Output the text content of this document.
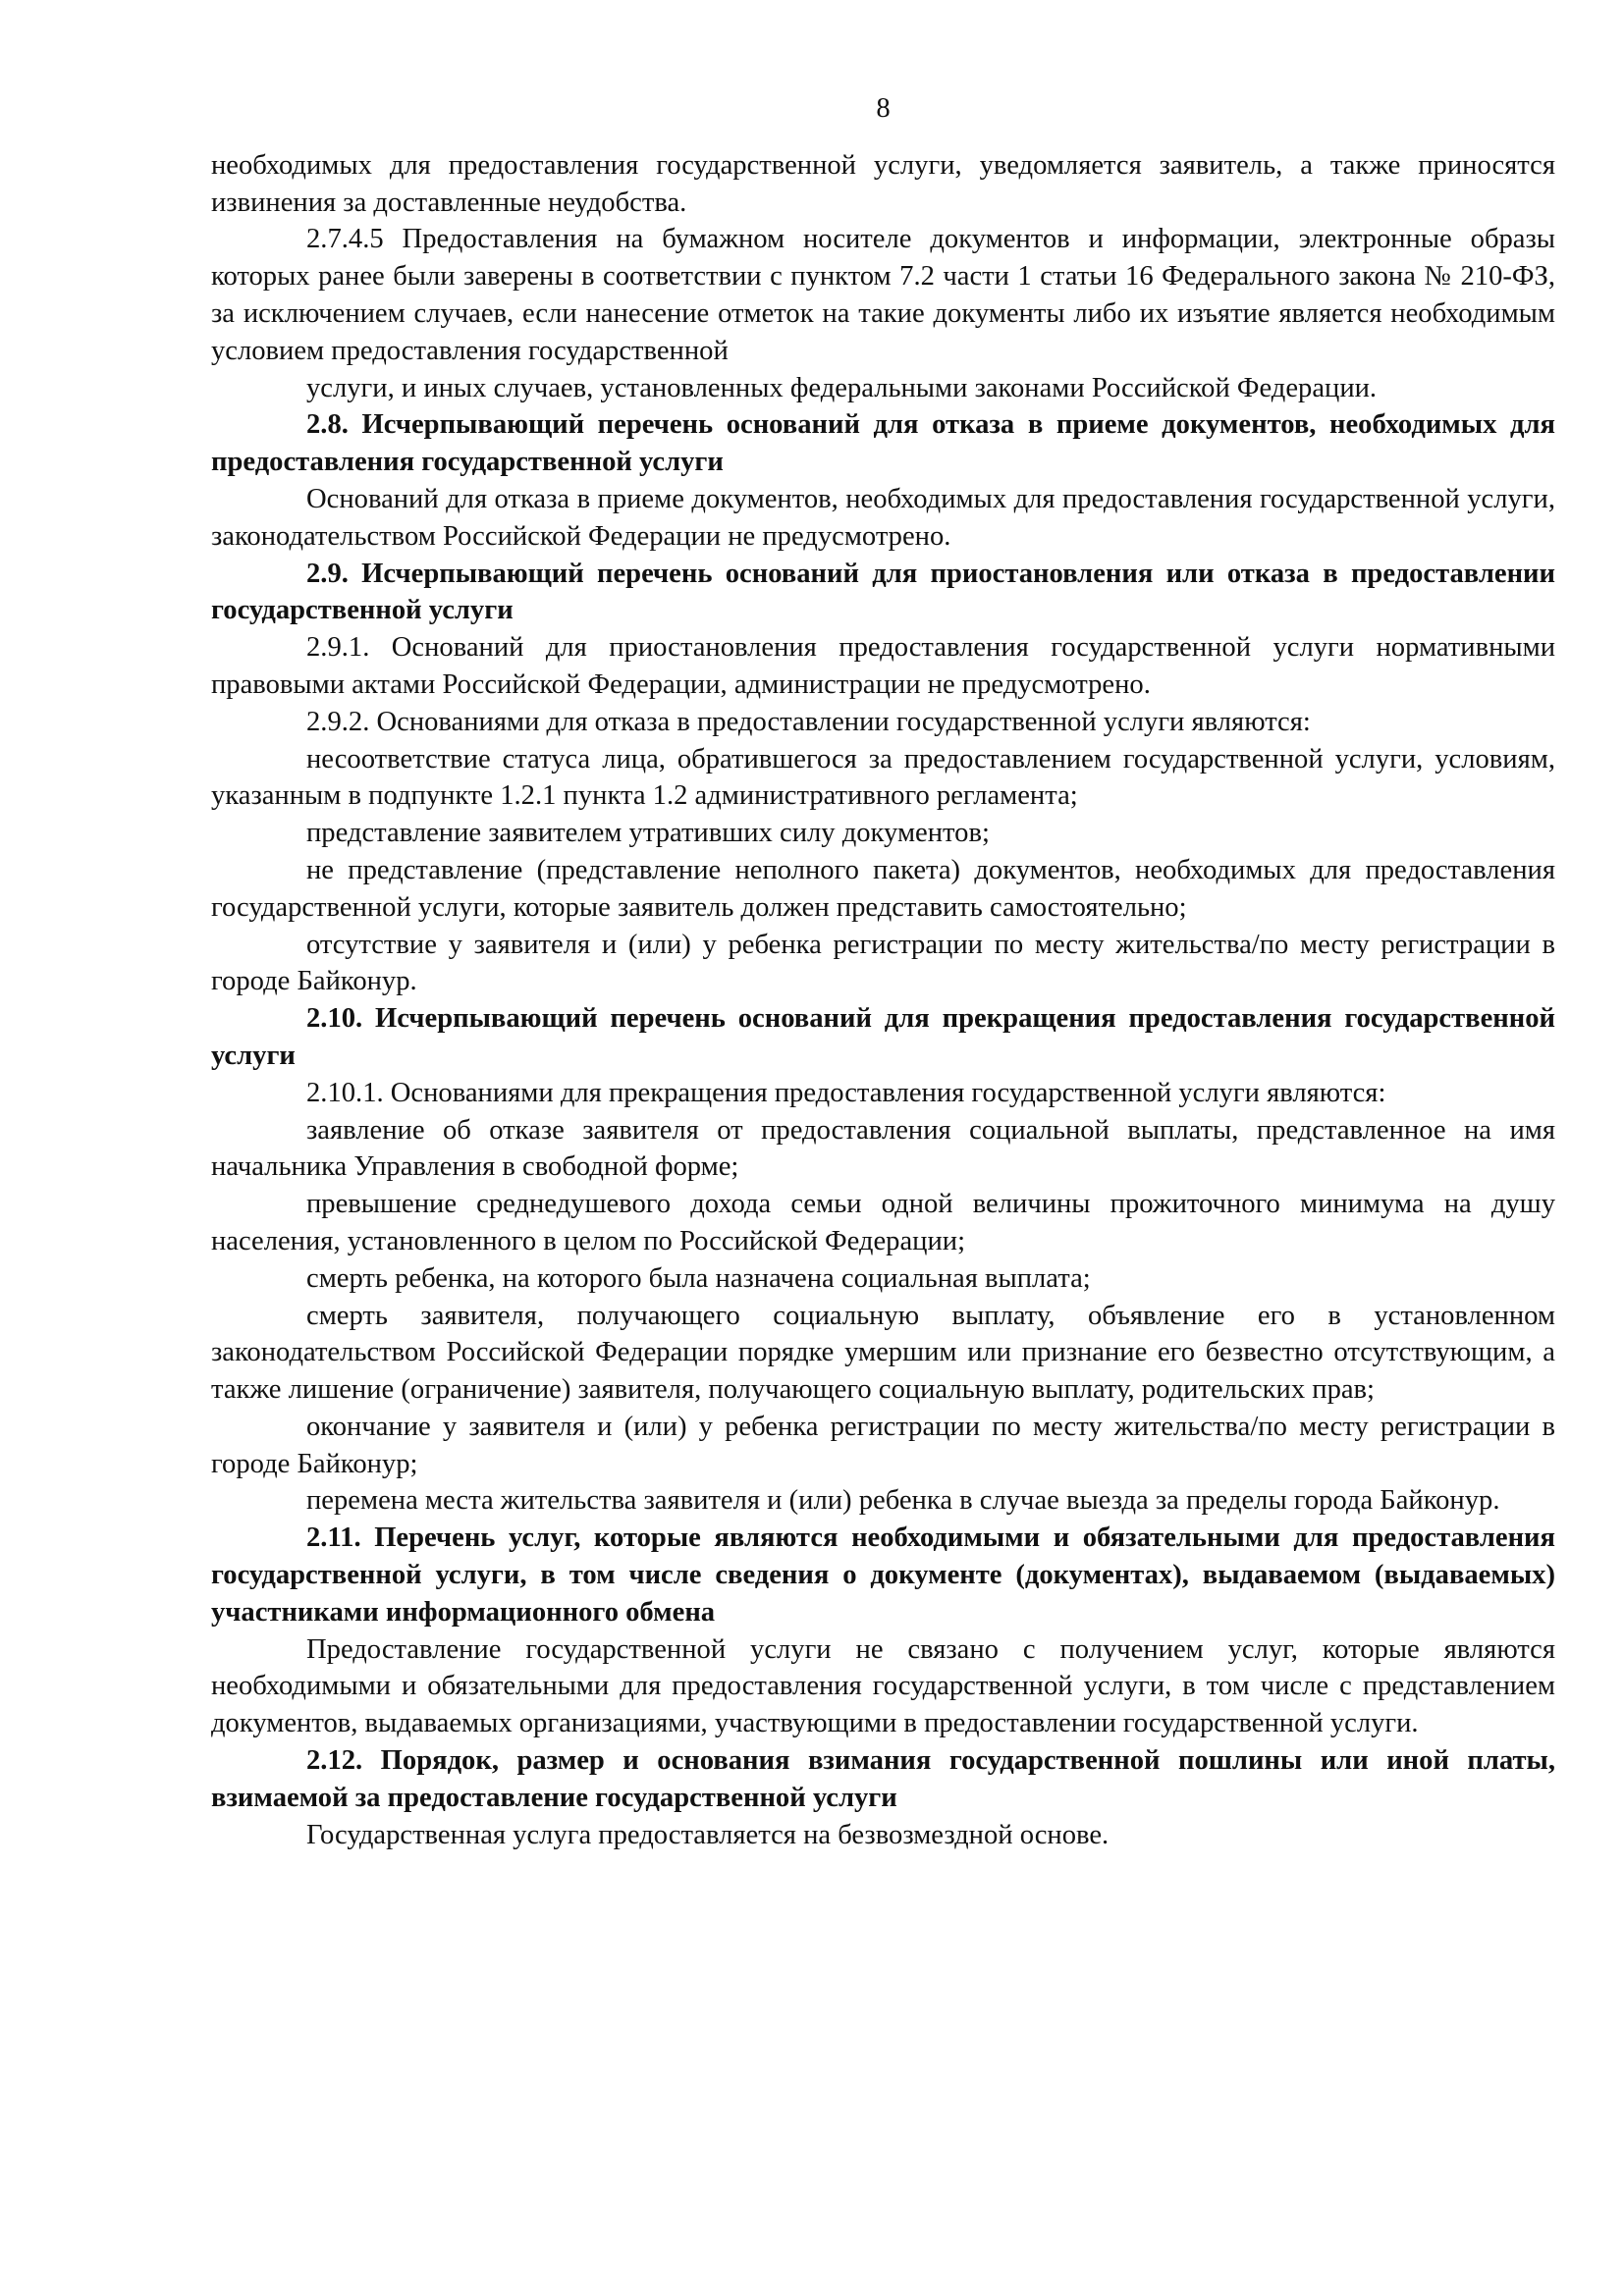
8

необходимых для предоставления государственной услуги, уведомляется заявитель, а также приносятся извинения за доставленные неудобства.

2.7.4.5 Предоставления на бумажном носителе документов и информации, электронные образы которых ранее были заверены в соответствии с пунктом 7.2 части 1 статьи 16 Федерального закона № 210-ФЗ, за исключением случаев, если нанесение отметок на такие документы либо их изъятие является необходимым условием предоставления государственной

услуги, и иных случаев, установленных федеральными законами Российской Федерации.

2.8. Исчерпывающий перечень оснований для отказа в приеме документов, необходимых для предоставления государственной услуги

Оснований для отказа в приеме документов, необходимых для предоставления государственной услуги, законодательством Российской Федерации не предусмотрено.

2.9. Исчерпывающий перечень оснований для приостановления или отказа в предоставлении государственной услуги

2.9.1. Оснований для приостановления предоставления государственной услуги нормативными правовыми актами Российской Федерации, администрации не предусмотрено.

2.9.2. Основаниями для отказа в предоставлении государственной услуги являются:

несоответствие статуса лица, обратившегося за предоставлением государственной услуги, условиям, указанным в подпункте 1.2.1 пункта 1.2 административного регламента;

представление заявителем утративших силу документов;

не представление (представление неполного пакета) документов, необходимых для предоставления государственной услуги, которые заявитель должен представить самостоятельно;

отсутствие у заявителя и (или) у ребенка регистрации по месту жительства/по месту регистрации в городе Байконур.

2.10. Исчерпывающий перечень оснований для прекращения предоставления государственной услуги

2.10.1. Основаниями для прекращения предоставления государственной услуги являются:

заявление об отказе заявителя от предоставления социальной выплаты, представленное на имя начальника Управления в свободной форме;

превышение среднедушевого дохода семьи одной величины прожиточного минимума на душу населения, установленного в целом по Российской Федерации;

смерть ребенка, на которого была назначена социальная выплата;

смерть заявителя, получающего социальную выплату, объявление его в установленном законодательством Российской Федерации порядке умершим или признание его безвестно отсутствующим, а также лишение (ограничение) заявителя, получающего социальную выплату, родительских прав;

окончание у заявителя и (или) у ребенка регистрации по месту жительства/по месту регистрации в городе Байконур;

перемена места жительства заявителя и (или) ребенка в случае выезда за пределы города Байконур.

2.11. Перечень услуг, которые являются необходимыми и обязательными для предоставления государственной услуги, в том числе сведения о документе (документах), выдаваемом (выдаваемых) участниками информационного обмена

Предоставление государственной услуги не связано с получением услуг, которые являются необходимыми и обязательными для предоставления государственной услуги, в том числе с представлением документов, выдаваемых организациями, участвующими в предоставлении государственной услуги.

2.12. Порядок, размер и основания взимания государственной пошлины или иной платы, взимаемой за предоставление государственной услуги

Государственная услуга предоставляется на безвозмездной основе.
